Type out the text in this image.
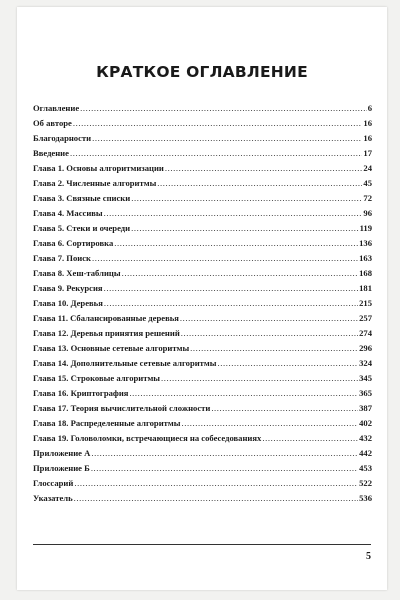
КРАТКОЕ ОГЛАВЛЕНИЕ
Оглавление .....	6
Об авторе .....	16
Благодарности .....	16
Введение .....	17
Глава 1. Основы алгоритмизации .....	24
Глава 2. Численные алгоритмы .....	45
Глава 3. Связные списки .....	72
Глава 4. Массивы .....	96
Глава 5. Стеки и очереди .....	119
Глава 6. Сортировка .....	136
Глава 7. Поиск .....	163
Глава 8. Хеш-таблицы .....	168
Глава 9. Рекурсия .....	181
Глава 10. Деревья .....	215
Глава 11. Сбалансированные деревья .....	257
Глава 12. Деревья принятия решений .....	274
Глава 13. Основные сетевые алгоритмы .....	296
Глава 14. Дополнительные сетевые алгоритмы .....	324
Глава 15. Строковые алгоритмы .....	345
Глава 16. Криптография .....	365
Глава 17. Теория вычислительной сложности .....	387
Глава 18. Распределенные алгоритмы .....	402
Глава 19. Головоломки, встречающиеся на собеседованиях .....	432
Приложение А .....	442
Приложение Б .....	453
Глоссарий .....	522
Указатель .....	536
5
